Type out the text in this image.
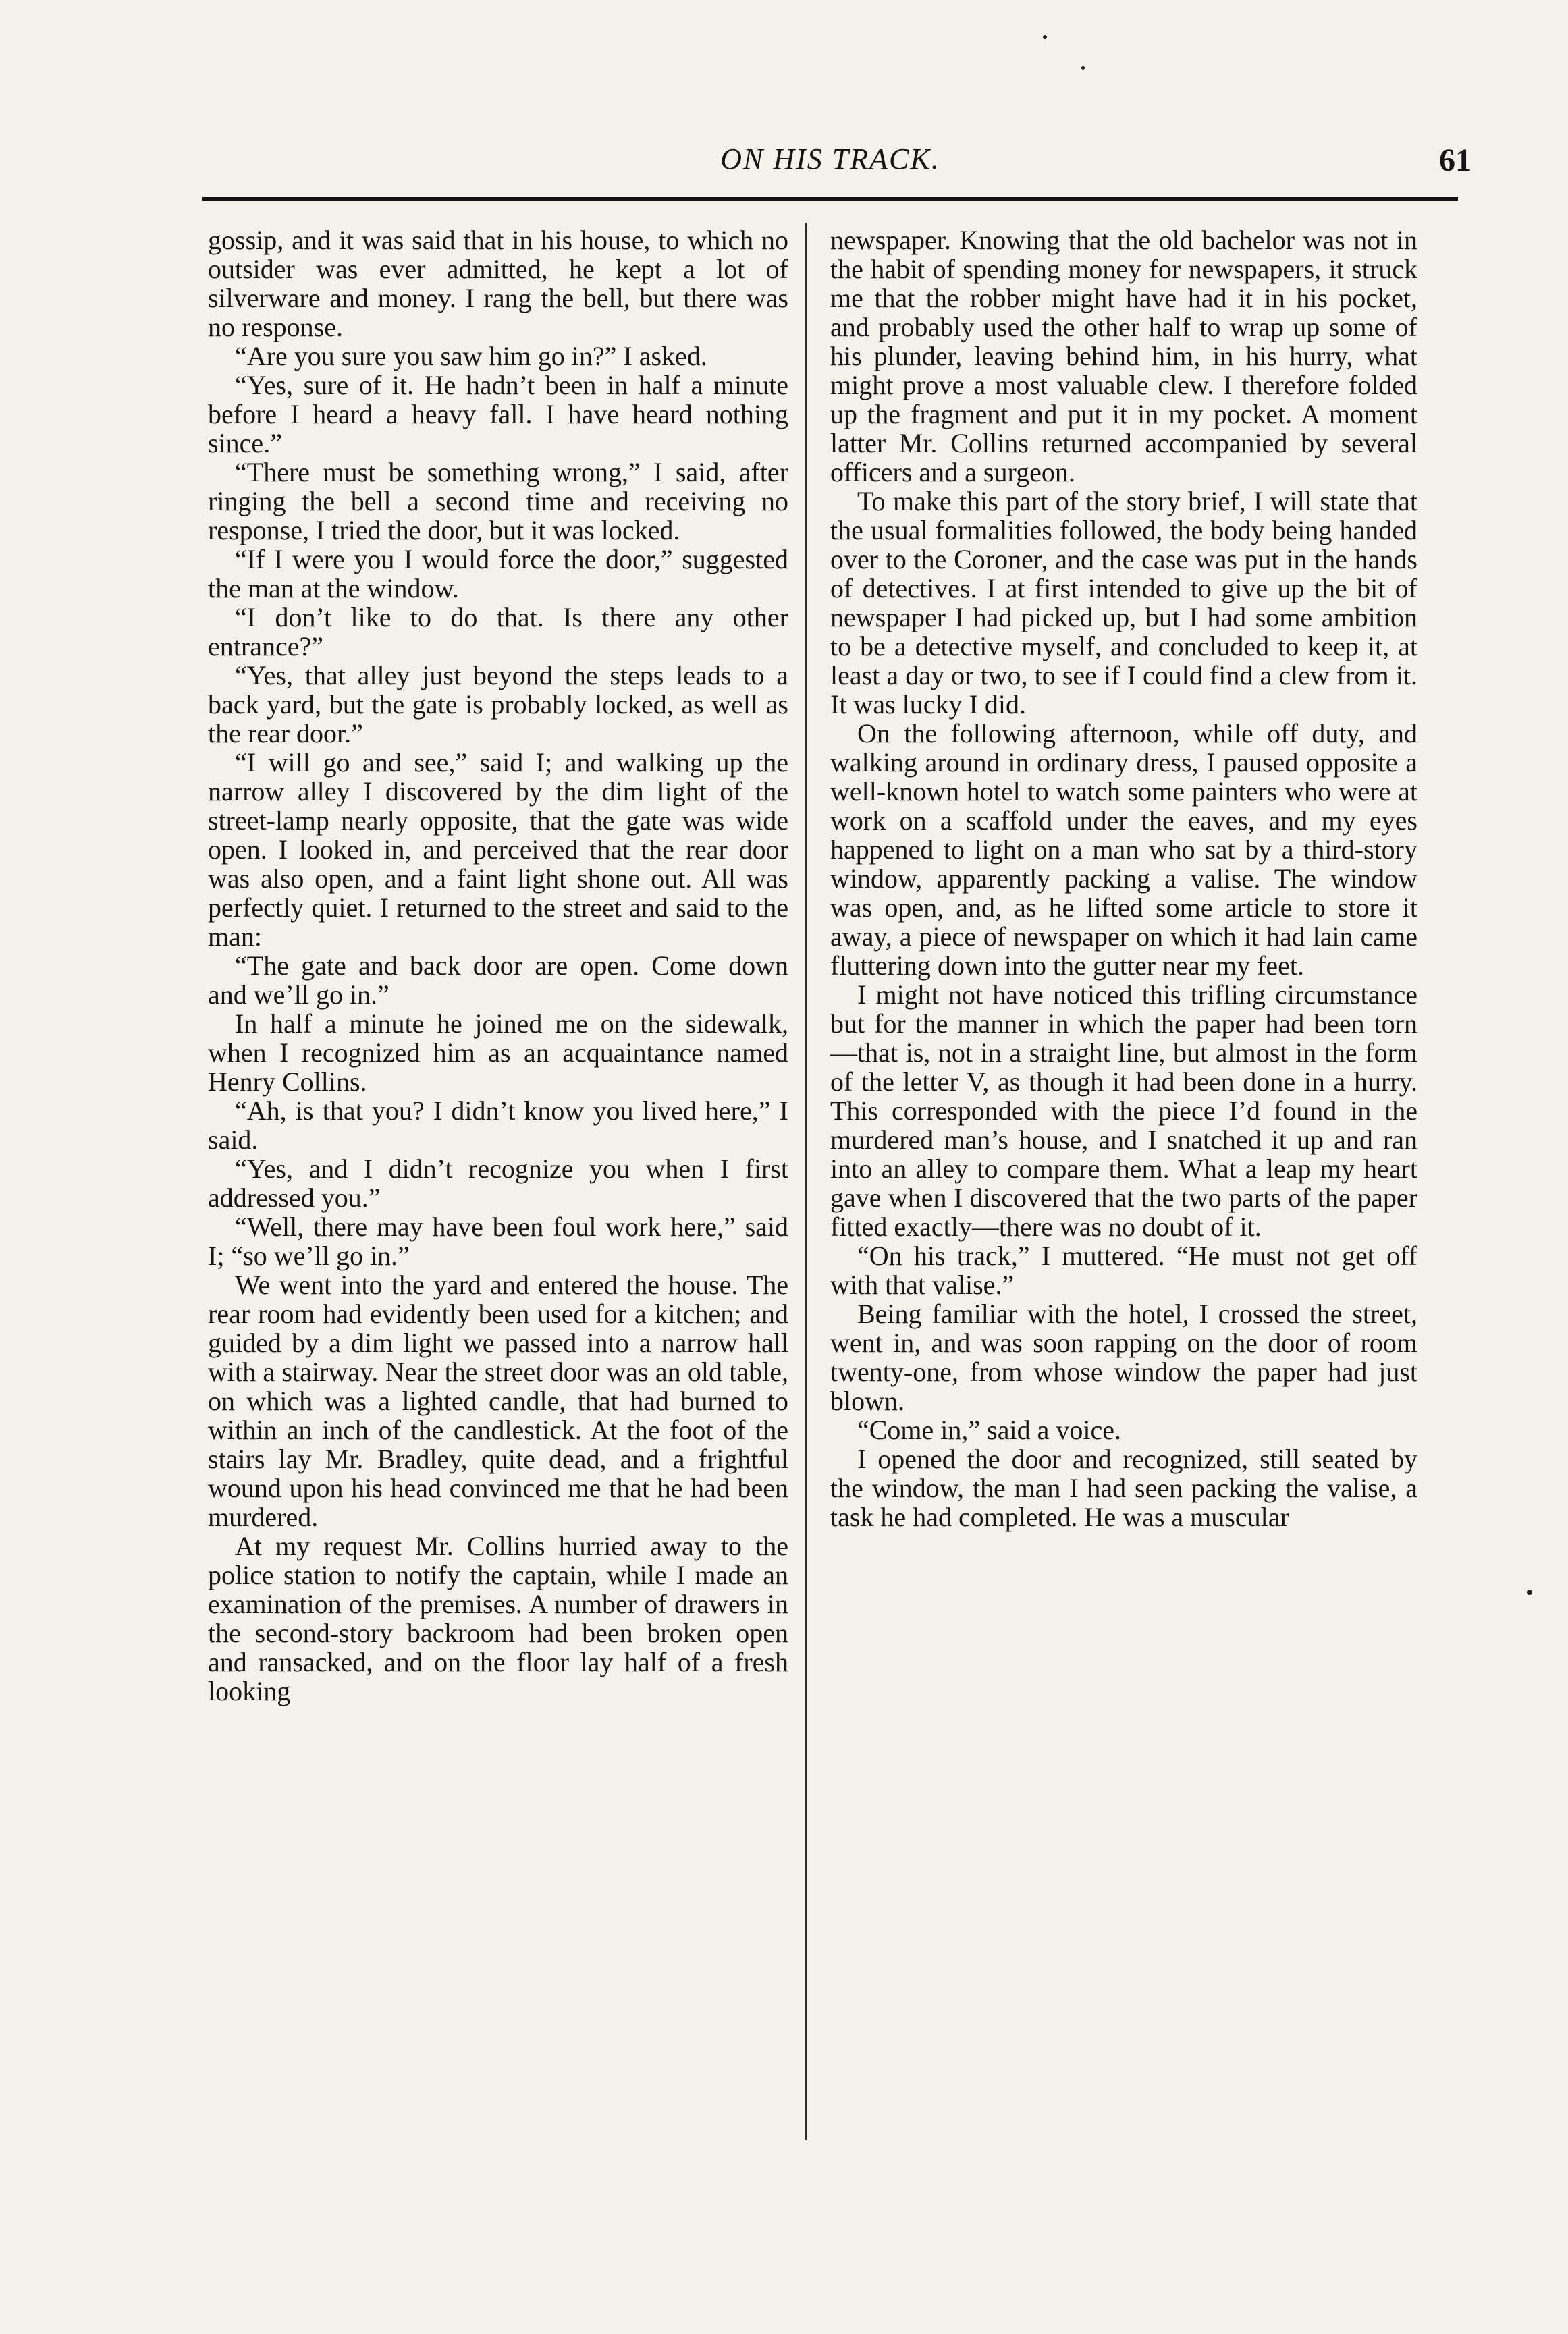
ON HIS TRACK.	61

gossip, and it was said that in his house, to which no outsider was ever admitted, he kept a lot of silverware and money. I rang the bell, but there was no response.

“Are you sure you saw him go in?” I asked.

“Yes, sure of it. He hadn’t been in half a minute before I heard a heavy fall. I have heard nothing since.”

“There must be something wrong,” I said, after ringing the bell a second time and receiving no response, I tried the door, but it was locked.

“If I were you I would force the door,” suggested the man at the window.

“I don’t like to do that. Is there any other entrance?”

“Yes, that alley just beyond the steps leads to a back yard, but the gate is probably locked, as well as the rear door.”

“I will go and see,” said I; and walking up the narrow alley I discovered by the dim light of the street-lamp nearly opposite, that the gate was wide open. I looked in, and perceived that the rear door was also open, and a faint light shone out. All was perfectly quiet. I returned to the street and said to the man:

“The gate and back door are open. Come down and we’ll go in.”

In half a minute he joined me on the sidewalk, when I recognized him as an acquaintance named Henry Collins.

“Ah, is that you? I didn’t know you lived here,” I said.

“Yes, and I didn’t recognize you when I first addressed you.”

“Well, there may have been foul work here,” said I; “so we’ll go in.”

We went into the yard and entered the house. The rear room had evidently been used for a kitchen; and guided by a dim light we passed into a narrow hall with a stairway. Near the street door was an old table, on which was a lighted candle, that had burned to within an inch of the candlestick. At the foot of the stairs lay Mr. Bradley, quite dead, and a frightful wound upon his head convinced me that he had been murdered.

At my request Mr. Collins hurried away to the police station to notify the captain, while I made an examination of the premises. A number of drawers in the second-story backroom had been broken open and ransacked, and on the floor lay half of a fresh looking

newspaper. Knowing that the old bachelor was not in the habit of spending money for newspapers, it struck me that the robber might have had it in his pocket, and probably used the other half to wrap up some of his plunder, leaving behind him, in his hurry, what might prove a most valuable clew. I therefore folded up the fragment and put it in my pocket. A moment latter Mr. Collins returned accompanied by several officers and a surgeon.

To make this part of the story brief, I will state that the usual formalities followed, the body being handed over to the Coroner, and the case was put in the hands of detectives. I at first intended to give up the bit of newspaper I had picked up, but I had some ambition to be a detective myself, and concluded to keep it, at least a day or two, to see if I could find a clew from it. It was lucky I did.

On the following afternoon, while off duty, and walking around in ordinary dress, I paused opposite a well-known hotel to watch some painters who were at work on a scaffold under the eaves, and my eyes happened to light on a man who sat by a third-story window, apparently packing a valise. The window was open, and, as he lifted some article to store it away, a piece of newspaper on which it had lain came fluttering down into the gutter near my feet.

I might not have noticed this trifling circumstance but for the manner in which the paper had been torn—that is, not in a straight line, but almost in the form of the letter V, as though it had been done in a hurry. This corresponded with the piece I’d found in the murdered man’s house, and I snatched it up and ran into an alley to compare them. What a leap my heart gave when I discovered that the two parts of the paper fitted exactly—there was no doubt of it.

“On his track,” I muttered. “He must not get off with that valise.”

Being familiar with the hotel, I crossed the street, went in, and was soon rapping on the door of room twenty-one, from whose window the paper had just blown.

“Come in,” said a voice.

I opened the door and recognized, still seated by the window, the man I had seen packing the valise, a task he had completed. He was a muscular
